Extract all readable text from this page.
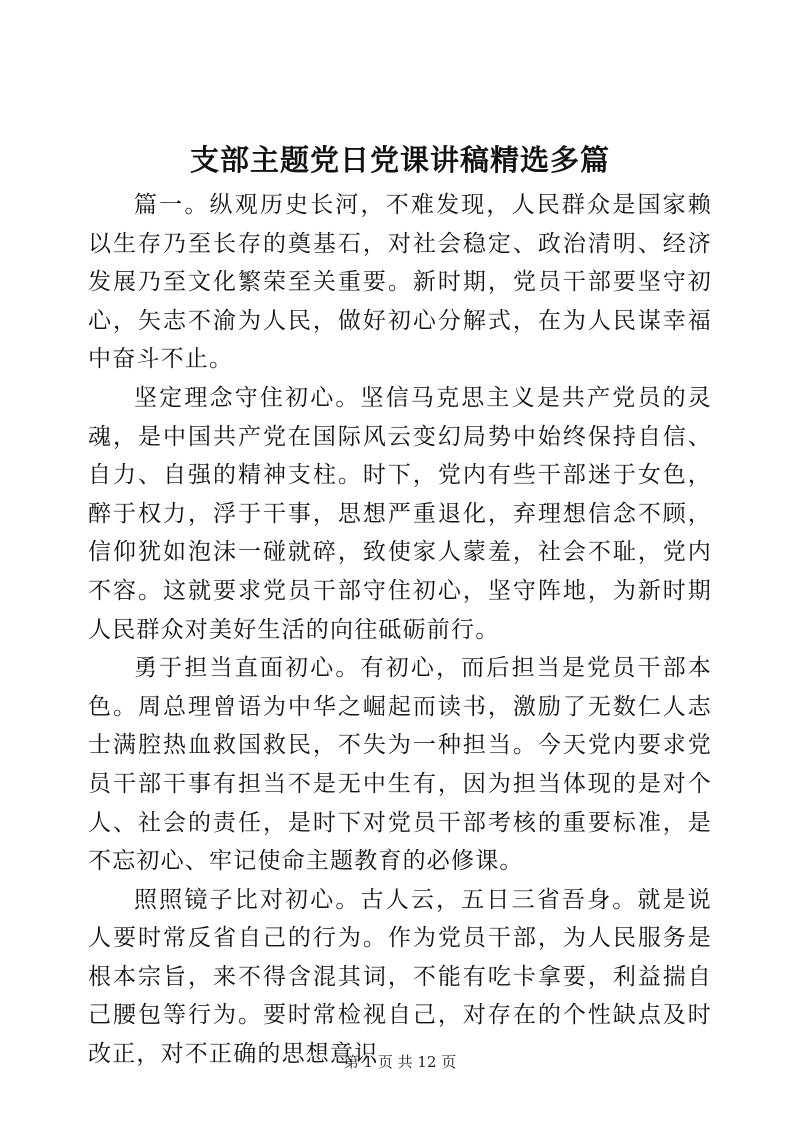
支部主题党日党课讲稿精选多篇

篇一。纵观历史长河，不难发现，人民群众是国家赖以生存乃至长存的奠基石，对社会稳定、政治清明、经济发展乃至文化繁荣至关重要。新时期，党员干部要坚守初心，矢志不渝为人民，做好初心分解式，在为人民谋幸福中奋斗不止。

坚定理念守住初心。坚信马克思主义是共产党员的灵魂，是中国共产党在国际风云变幻局势中始终保持自信、自力、自强的精神支柱。时下，党内有些干部迷于女色，醉于权力，浮于干事，思想严重退化，弃理想信念不顾，信仰犹如泡沫一碰就碎，致使家人蒙羞，社会不耻，党内不容。这就要求党员干部守住初心，坚守阵地，为新时期人民群众对美好生活的向往砥砺前行。

勇于担当直面初心。有初心，而后担当是党员干部本色。周总理曾语为中华之崛起而读书，激励了无数仁人志士满腔热血救国救民，不失为一种担当。今天党内要求党员干部干事有担当不是无中生有，因为担当体现的是对个人、社会的责任，是时下对党员干部考核的重要标准，是不忘初心、牢记使命主题教育的必修课。

照照镜子比对初心。古人云，五日三省吾身。就是说人要时常反省自己的行为。作为党员干部，为人民服务是根本宗旨，来不得含混其词，不能有吃卡拿要，利益揣自己腰包等行为。要时常检视自己，对存在的个性缺点及时改正，对不正确的思想意识

第 1 页 共 12 页
